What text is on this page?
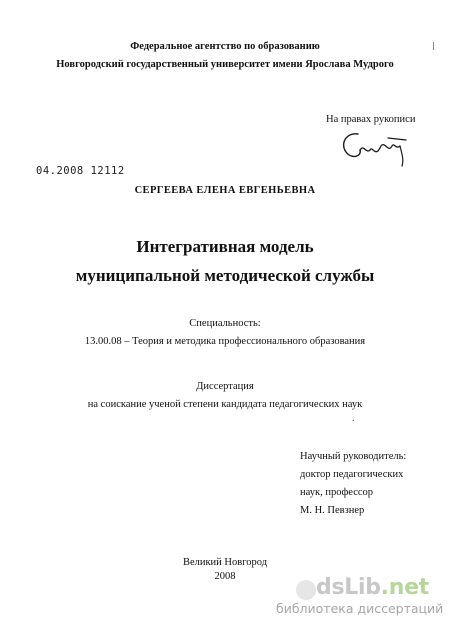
Федеральное агентство по образованию
Новгородский государственный университет имени Ярослава Мудрого
На правах рукописи
04.2008 12112
СЕРГЕЕВА ЕЛЕНА ЕВГЕНЬЕВНА
Интегративная модель
муниципальной методической службы
Специальность:
13.00.08 – Теория и методика профессионального образования
Диссертация
на соискание ученой степени кандидата педагогических наук
.
Научный руководитель:
доктор педагогических
наук, профессор
М. Н. Певзнер
Великий Новгород
2008	dsLib.net
библиотека диссертаций
